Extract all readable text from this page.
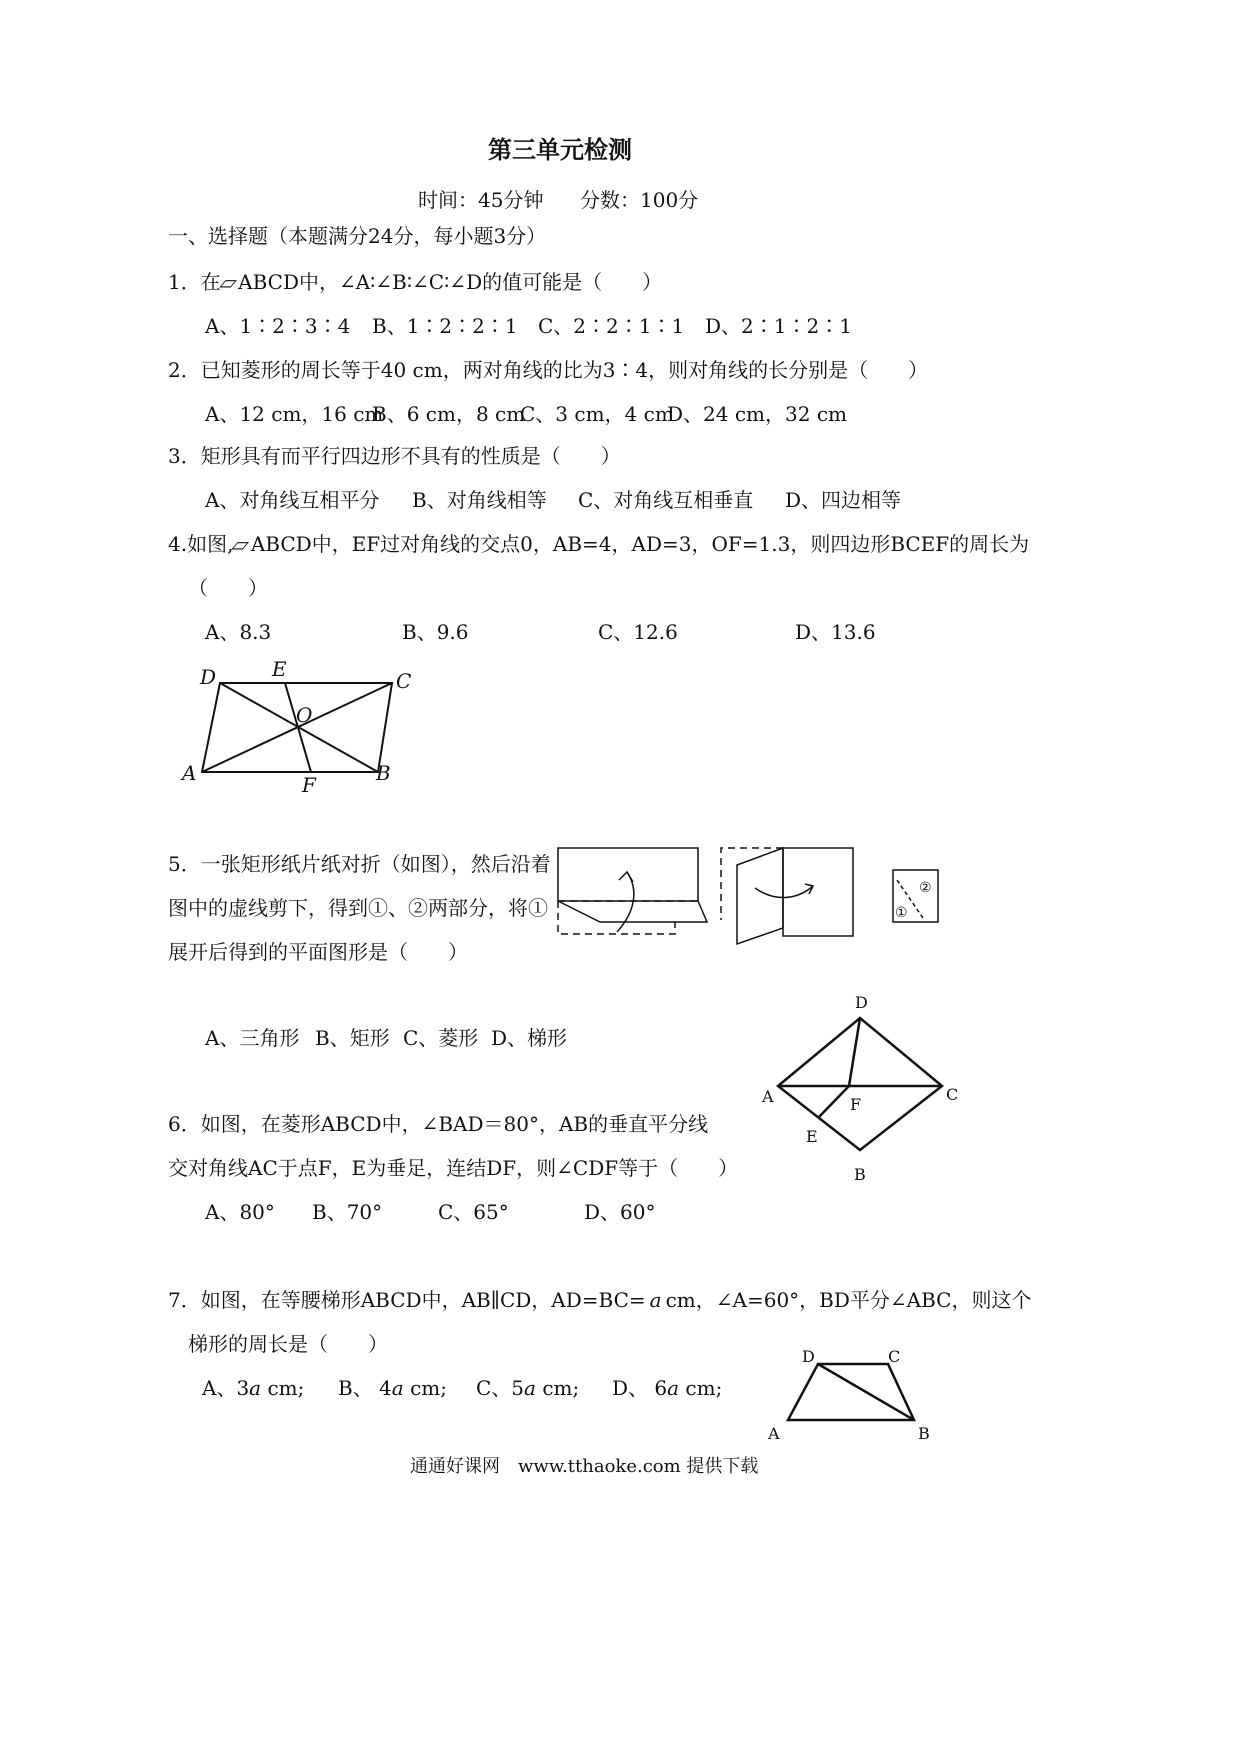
第三单元检测
时间：45分钟 分数：100分
一、选择题（本题满分24分，每小题3分）
1．在▱ABCD中，∠A∶∠B∶∠C∶∠D的值可能是（　　）
A、1∶2∶3∶4 B、1∶2∶2∶1 C、2∶2∶1∶1 D、2∶1∶2∶1
2．已知菱形的周长等于40 cm，两对角线的比为3∶4，则对角线的长分别是（　　）
A、12 cm，16 cm
B、6 cm，8 cm
C、3 cm，4 cm
D、24 cm，32 cm
3．矩形具有而平行四边形不具有的性质是（　　）
A、对角线互相平分 B、对角线相等 C、对角线互相垂直 D、四边相等
4.如图,▱ABCD中，EF过对角线的交点0，AB=4，AD=3，OF=1.3，则四边形BCEF的周长为
（　　）
A、8.3	B、9.6	C、12.6	D、13.6
D	E	C
O
A	F	B
5．一张矩形纸片纸对折（如图），然后沿着
图中的虚线剪下，得到①、②两部分，将①
展开后得到的平面图形是（　　）
①
②
A、三角形 B、矩形 C、菱形 D、梯形
D
A	F
C
E
B
6．如图，在菱形ABCD中，∠BAD＝80°，AB的垂直平分线
交对角线AC于点F，E为垂足，连结DF，则∠CDF等于（　　）
A、80° B、70°	C、65°	D、60°
7．如图，在等腰梯形ABCD中，AB∥CD，AD=BC= a cm，∠A=60°，BD平分∠ABC，则这个
梯形的周长是（　　）
A、3a cm; B、 4a cm; C、5a cm; D、 6a cm;
D	C
A	B
通通好课网　www.tthaoke.com 提供下载
